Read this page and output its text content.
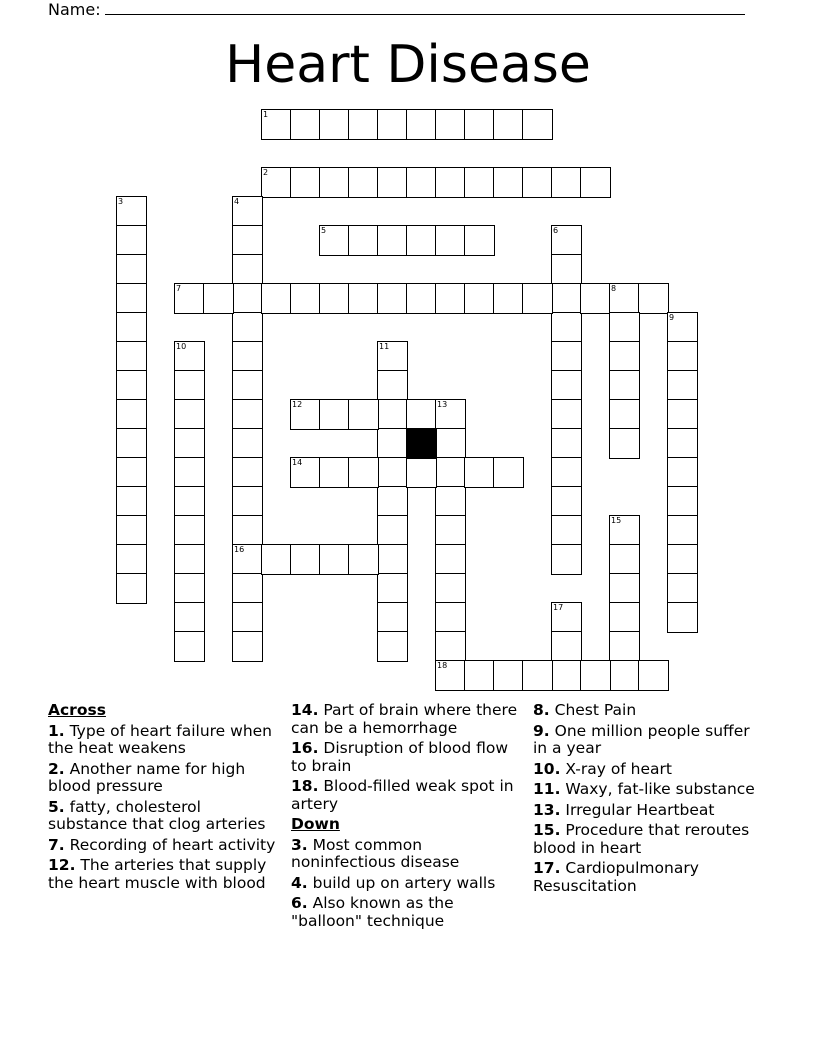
Name:
Heart Disease
1
2
3	4
16
5	6
7	8
9
10	11
12	13
14
15
17
18
Across
1. Type of heart failure when the heat weakens
2. Another name for high blood pressure
5. fatty, cholesterol substance that clog arteries
7. Recording of heart activity
12. The arteries that supply the heart muscle with blood
14. Part of brain where there can be a hemorrhage
16. Disruption of blood flow to brain
18. Blood-filled weak spot in artery
Down
3. Most common noninfectious disease
4. build up on artery walls
6. Also known as the "balloon" technique
8. Chest Pain
9. One million people suffer in a year
10. X-ray of heart
11. Waxy, fat-like substance
13. Irregular Heartbeat
15. Procedure that reroutes blood in heart
17. Cardiopulmonary Resuscitation
